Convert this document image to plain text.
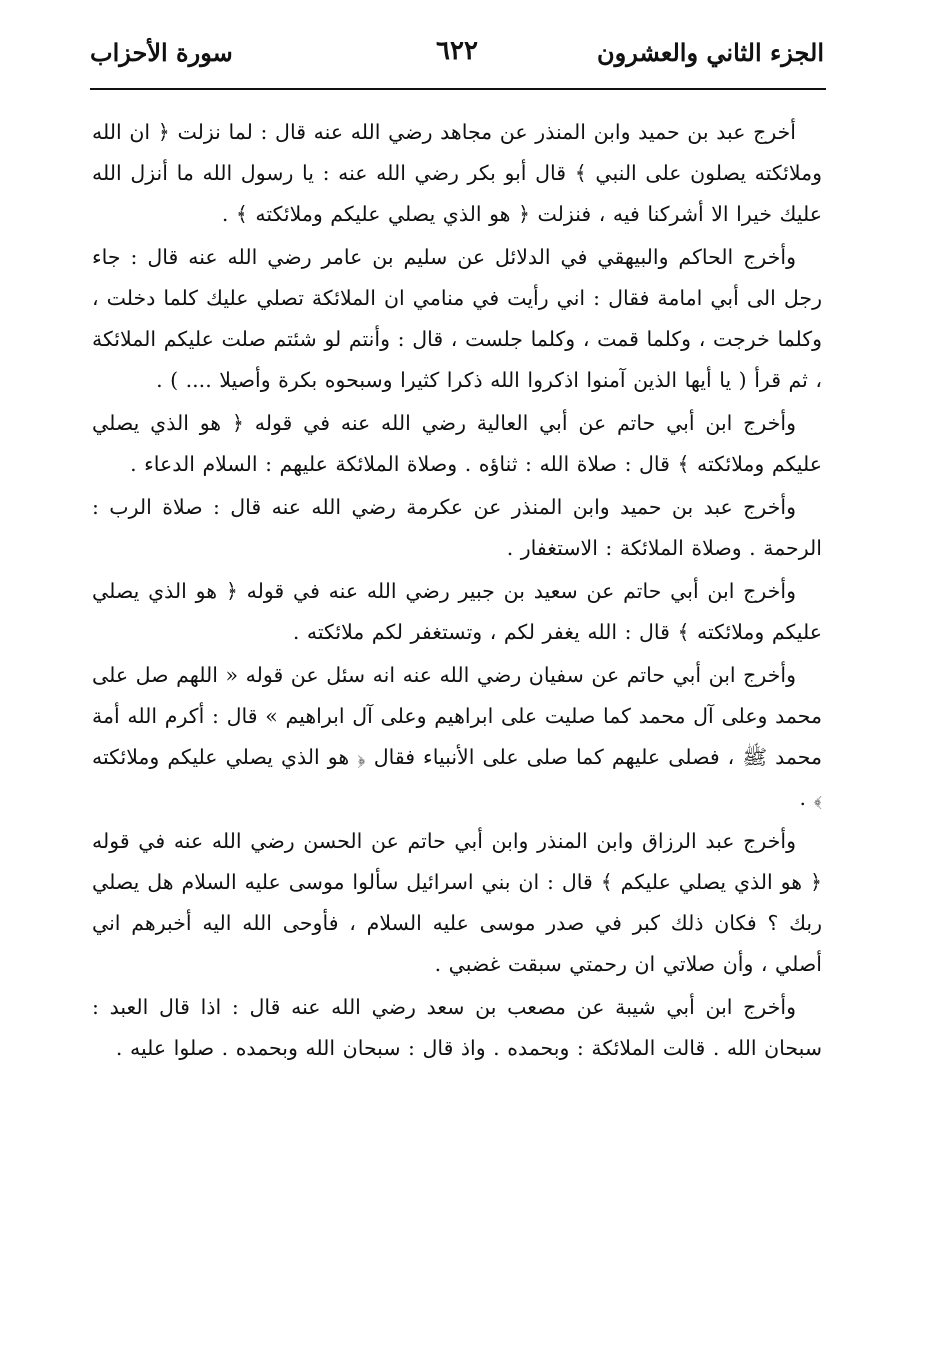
الجزء الثاني والعشرون
٦٢٢
سورة الأحزاب

أخرج عبد بن حميد وابن المنذر عن مجاهد رضي الله عنه قال : لما نزلت ﴿ ان الله وملائكته يصلون على النبي ﴾ قال أبو بكر رضي الله عنه : يا رسول الله ما أنزل الله عليك خيرا الا أشركنا فيه ، فنزلت ﴿ هو الذي يصلي عليكم وملائكته ﴾ .

وأخرج الحاكم والبيهقي في الدلائل عن سليم بن عامر رضي الله عنه قال : جاء رجل الى أبي امامة فقال : اني رأيت في منامي ان الملائكة تصلي عليك كلما دخلت ، وكلما خرجت ، وكلما قمت ، وكلما جلست ، قال : وأنتم لو شئتم صلت عليكم الملائكة ، ثم قرأ ( يا أيها الذين آمنوا اذكروا الله ذكرا كثيرا وسبحوه بكرة وأصيلا .... ) .

وأخرج ابن أبي حاتم عن أبي العالية رضي الله عنه في قوله ﴿ هو الذي يصلي عليكم وملائكته ﴾ قال : صلاة الله : ثناؤه . وصلاة الملائكة عليهم : السلام الدعاء .

وأخرج عبد بن حميد وابن المنذر عن عكرمة رضي الله عنه قال : صلاة الرب : الرحمة . وصلاة الملائكة : الاستغفار .

وأخرج ابن أبي حاتم عن سعيد بن جبير رضي الله عنه في قوله ﴿ هو الذي يصلي عليكم وملائكته ﴾ قال : الله يغفر لكم ، وتستغفر لكم ملائكته .

وأخرج ابن أبي حاتم عن سفيان رضي الله عنه انه سئل عن قوله « اللهم صل على محمد وعلى آل محمد كما صليت على ابراهيم وعلى آل ابراهيم » قال : أكرم الله أمة محمد ﷺ ، فصلى عليهم كما صلى على الأنبياء فقال ﴿ هو الذي يصلي عليكم وملائكته ﴾ .

وأخرج عبد الرزاق وابن المنذر وابن أبي حاتم عن الحسن رضي الله عنه في قوله ﴿ هو الذي يصلي عليكم ﴾ قال : ان بني اسرائيل سألوا موسى عليه السلام هل يصلي ربك ؟ فكان ذلك كبر في صدر موسى عليه السلام ، فأوحى الله اليه أخبرهم اني أصلي ، وأن صلاتي ان رحمتي سبقت غضبي .

وأخرج ابن أبي شيبة عن مصعب بن سعد رضي الله عنه قال : اذا قال العبد : سبحان الله . قالت الملائكة : وبحمده . واذ قال : سبحان الله وبحمده . صلوا عليه .
